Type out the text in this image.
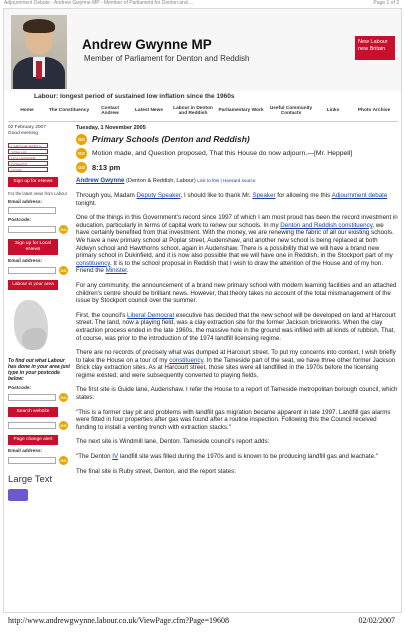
Adjournment Debate - Andrew Gwynne MP - Member of Parliament for Denton and ...	Page 1 of 3
Andrew Gwynne MP
Member of Parliament for Denton and Reddish
New Labour
new Britain
Labour: longest period of sustained low inflation since the 1960s
Home	The Constituency
Contact Andrew
Latest News
Labour in Denton and Reddish
Parliamentary Work
Useful Community Contacts
Links	Photo Archive
02 February 2007
Good evening
LABOUR PARTY
JOIN US
VOLUNTEER
DONATE
VOTE
Sign up for eNews
For the latest news from Labour
Email address:
Postcode:
GO
Sign up for Local eNews
Email address:
GO
Labour in your area
To find out what Labour has done in your area just type in your postcode below:
Postcode:
GO
Search website
GO
Page change alert
Email address:
GO
Large Text
Tuesday, 1 November 2005
GO Primary Schools (Denton and Reddish)
GO Motion made, and Question proposed, That this House do now adjourn.—[Mr. Heppell]
GO 8:13 pm
Andrew Gwynne (Denton & Reddish, Labour) Link to this | Hansard source
Through you, Madam Deputy Speaker, I should like to thank Mr. Speaker for allowing me this Adjournment debate tonight.
One of the things in this Government's record since 1997 of which I am most proud has been the record investment in education, particularly in terms of capital work to renew our schools. In my Denton and Reddish constituency, we have certainly benefited from that investment. With the money, we are renewing the fabric of all our existing schools. We have a new primary school at Poplar street, Audenshaw, and another new school is being replaced at both Aldwyn school and Hawthorns school, again in Audenshaw. There is a possibility that we will have a brand new primary school in Dukinfield, and it is now also possible that we will have one in Reddish, in the Stockport part of my constituency. It is to the school proposal in Reddish that I wish to draw the attention of the House and of my hon. Friend the Minister.
For any community, the announcement of a brand new primary school with modern learning facilities and an attached children's centre should be brilliant news. However, that theory takes no account of the total mismanagement of the issue by Stockport council over the summer.
First, the council's Liberal Democrat executive has decided that the new school will be developed on land at Harcourt street. The land, now a playing field, was a clay extraction site for the former Jackson brickworks. When the clay extraction process ended in the late 1960s, the massive hole in the ground was infilled with all kinds of rubbish. That, of course, was prior to the introduction of the 1974 landfill licensing regime.
There are no records of precisely what was dumped at Harcourt street. To put my concerns into context, I wish briefly to take the House on a tour of my constituency. In the Tameside part of the seat, we have three other former Jackson Brick clay extraction sites. As at Harcourt street, those sites were all landfilled in the 1970s before the licensing regime existed, and were subsequently converted to playing fields.
The first site is Guide lane, Audenshaw. I refer the House to a report of Tameside metropolitan borough council, which states:
"This is a former clay pit and problems with landfill gas migration became apparent in late 1997. Landfill gas alarms were fitted in four properties after gas was found after a routine inspection. Following this the Council received funding to install a venting trench with extraction stacks."
The next site is Windmill lane, Denton. Tameside council's report adds:
"The Denton IV landfill site was filled during the 1970s and is known to be producing landfill gas and leachate."
The final site is Ruby street, Denton, and the report states:
http://www.andrewgwynne.labour.co.uk/ViewPage.cfm?Page=19608	02/02/2007
